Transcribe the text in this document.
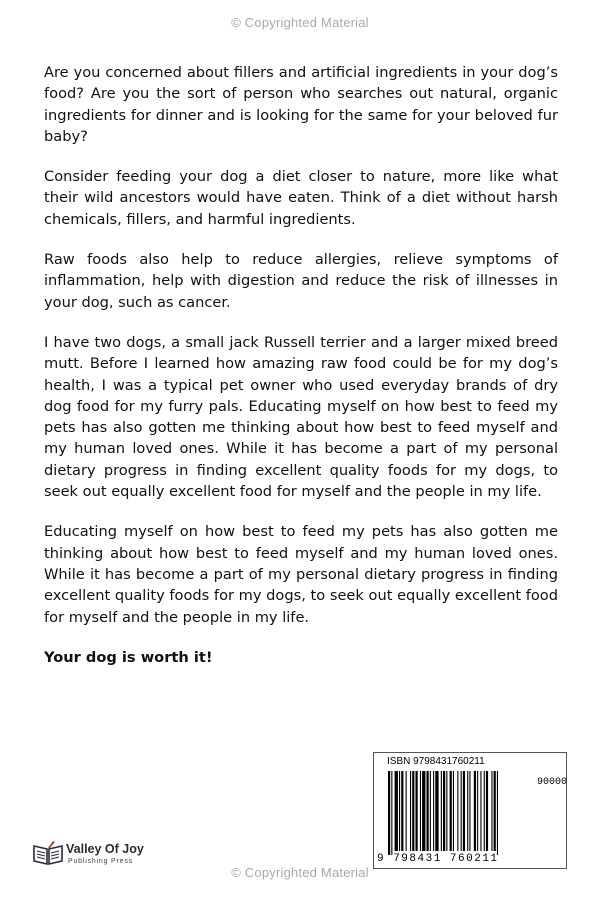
© Copyrighted Material

Are you concerned about fillers and artificial ingredients in your dog’s food? Are you the sort of person who searches out natural, organic ingredients for dinner and is looking for the same for your beloved fur baby?

Consider feeding your dog a diet closer to nature, more like what their wild ancestors would have eaten. Think of a diet without harsh chemicals, fillers, and harmful ingredients.

Raw foods also help to reduce allergies, relieve symptoms of inflammation, help with digestion and reduce the risk of illnesses in your dog, such as cancer.

I have two dogs, a small jack Russell terrier and a larger mixed breed mutt. Before I learned how amazing raw food could be for my dog’s health, I was a typical pet owner who used everyday brands of dry dog food for my furry pals. Educating myself on how best to feed my pets has also gotten me thinking about how best to feed myself and my human loved ones. While it has become a part of my personal dietary progress in finding excellent quality foods for my dogs, to seek out equally excellent food for myself and the people in my life.

Educating myself on how best to feed my pets has also gotten me thinking about how best to feed myself and my human loved ones. While it has become a part of my personal dietary progress in finding excellent quality foods for my dogs, to seek out equally excellent food for myself and the people in my life.

Your dog is worth it!

Valley Of Joy
Publishing Press
ISBN 9798431760211
90000
9 798431 760211
© Copyrighted Material
